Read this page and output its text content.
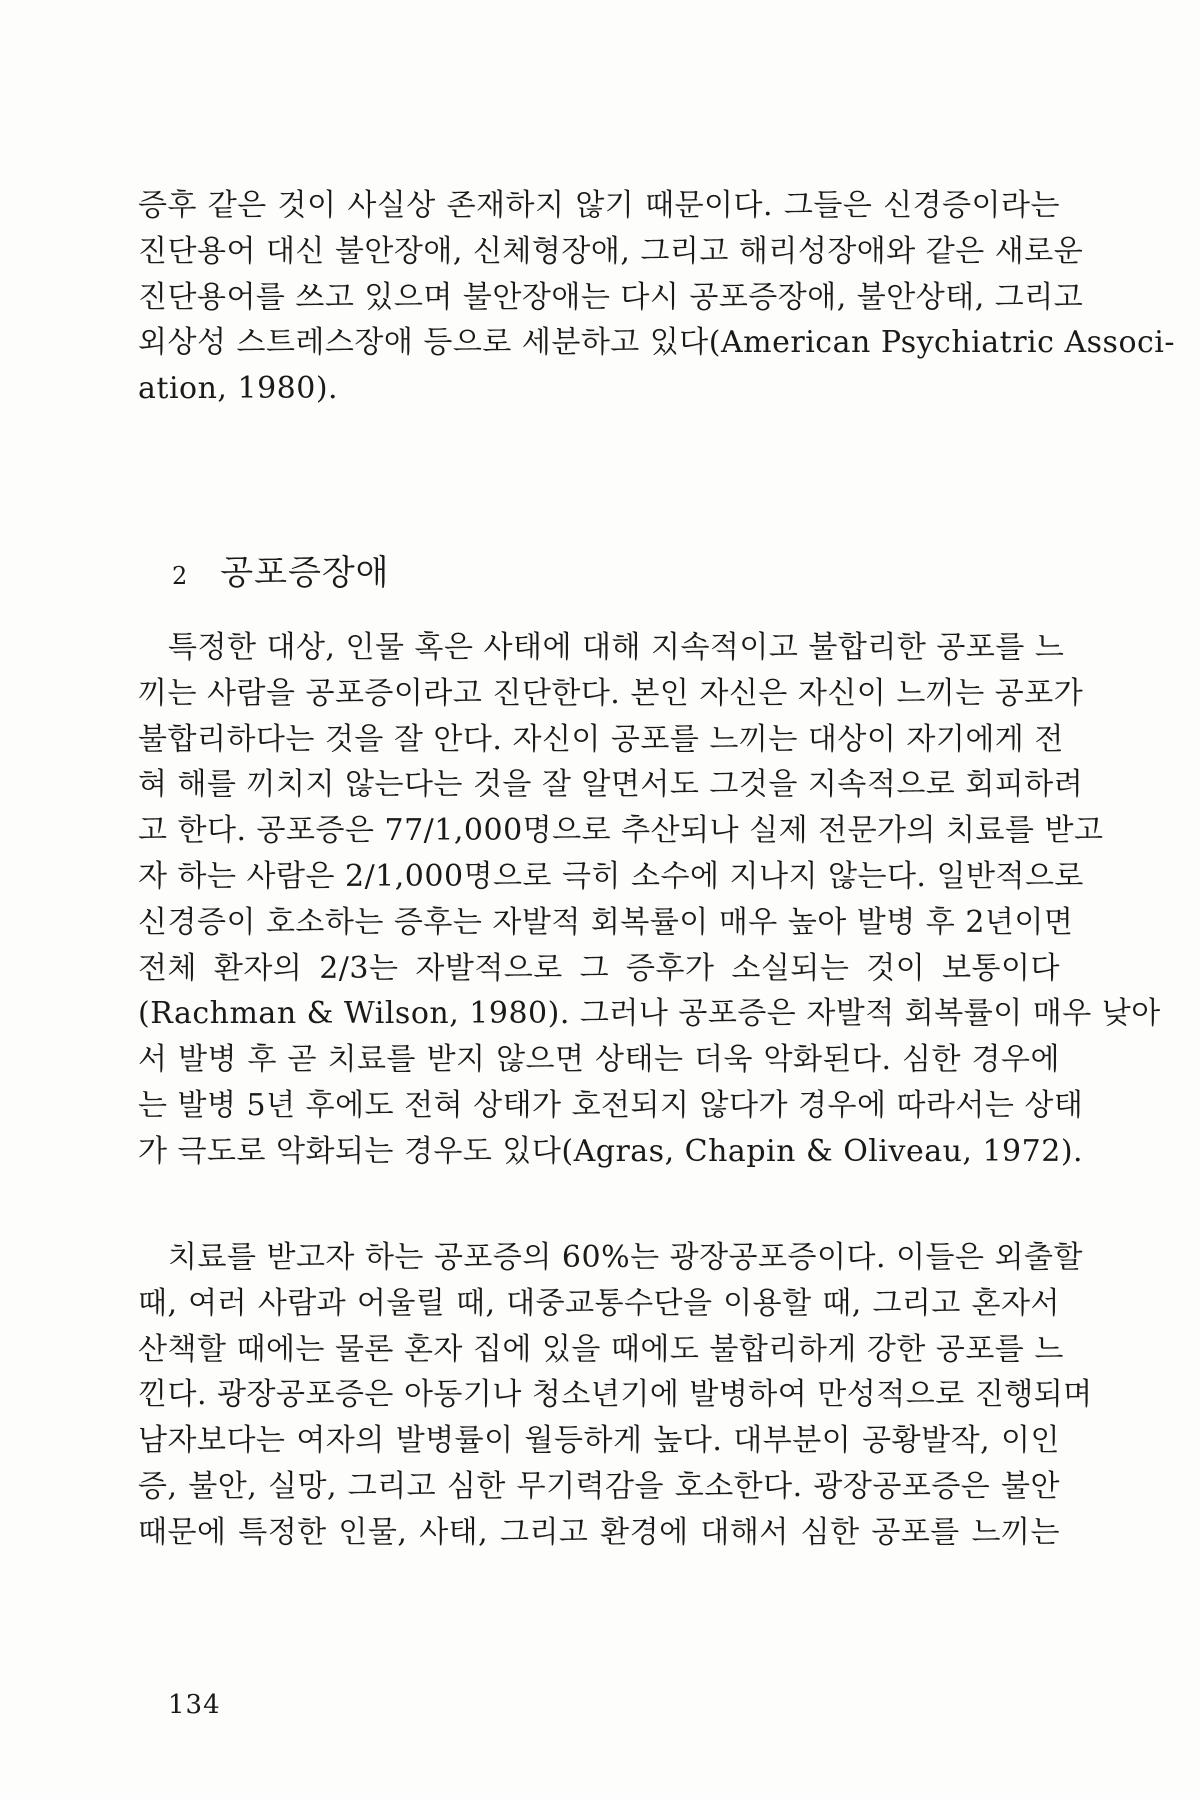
증후 같은 것이 사실상 존재하지 않기 때문이다. 그들은 신경증이라는
진단용어 대신 불안장애, 신체형장애, 그리고 해리성장애와 같은 새로운
진단용어를 쓰고 있으며 불안장애는 다시 공포증장애, 불안상태, 그리고
외상성 스트레스장애 등으로 세분하고 있다(American Psychiatric Associ-
ation, 1980).
2 공포증장애
특정한 대상, 인물 혹은 사태에 대해 지속적이고 불합리한 공포를 느
끼는 사람을 공포증이라고 진단한다. 본인 자신은 자신이 느끼는 공포가
불합리하다는 것을 잘 안다. 자신이 공포를 느끼는 대상이 자기에게 전
혀 해를 끼치지 않는다는 것을 잘 알면서도 그것을 지속적으로 회피하려
고 한다. 공포증은 77/1,000명으로 추산되나 실제 전문가의 치료를 받고
자 하는 사람은 2/1,000명으로 극히 소수에 지나지 않는다. 일반적으로
신경증이 호소하는 증후는 자발적 회복률이 매우 높아 발병 후 2년이면
전체 환자의 2/3는 자발적으로 그 증후가 소실되는 것이 보통이다
(Rachman & Wilson, 1980). 그러나 공포증은 자발적 회복률이 매우 낮아
서 발병 후 곧 치료를 받지 않으면 상태는 더욱 악화된다. 심한 경우에
는 발병 5년 후에도 전혀 상태가 호전되지 않다가 경우에 따라서는 상태
가 극도로 악화되는 경우도 있다(Agras, Chapin & Oliveau, 1972).
치료를 받고자 하는 공포증의 60%는 광장공포증이다. 이들은 외출할
때, 여러 사람과 어울릴 때, 대중교통수단을 이용할 때, 그리고 혼자서
산책할 때에는 물론 혼자 집에 있을 때에도 불합리하게 강한 공포를 느
낀다. 광장공포증은 아동기나 청소년기에 발병하여 만성적으로 진행되며
남자보다는 여자의 발병률이 월등하게 높다. 대부분이 공황발작, 이인
증, 불안, 실망, 그리고 심한 무기력감을 호소한다. 광장공포증은 불안
때문에 특정한 인물, 사태, 그리고 환경에 대해서 심한 공포를 느끼는
134
